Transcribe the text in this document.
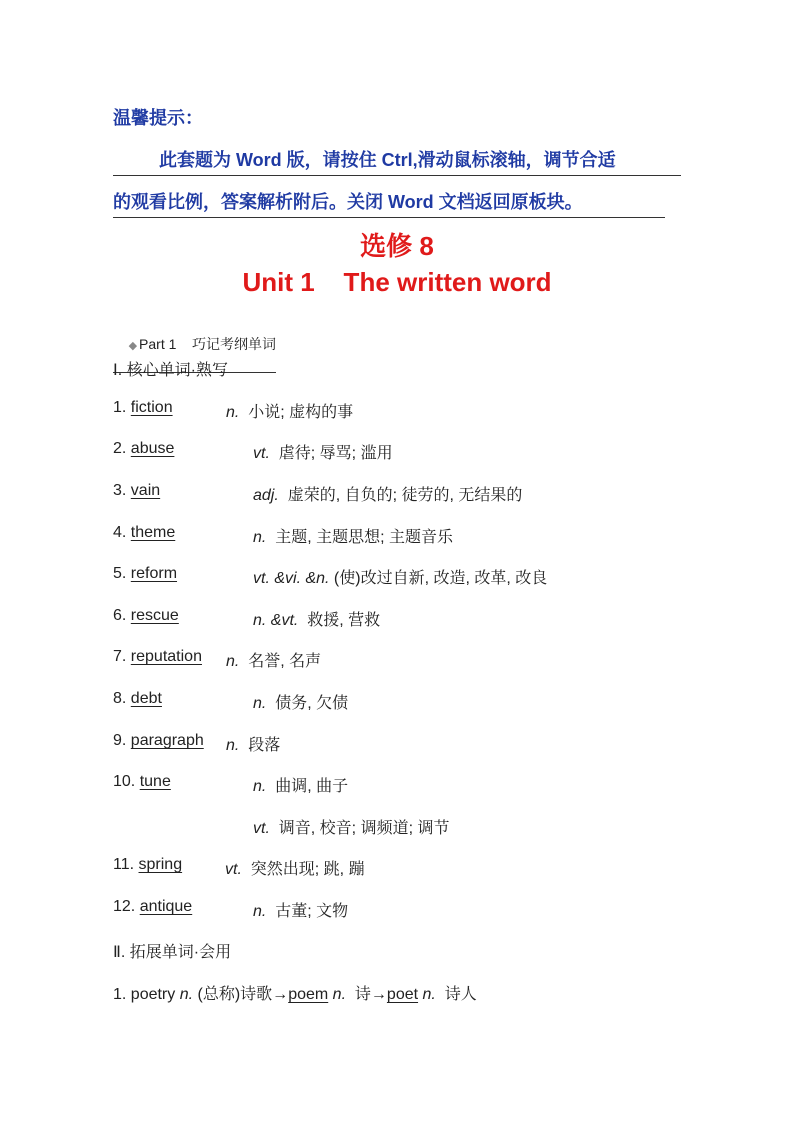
温馨提示：
此套题为 Word 版，请按住 Ctrl,滑动鼠标滚轴，调节合适
的观看比例，答案解析附后。关闭 Word 文档返回原板块。
选修 8
Unit 1    The written word

◆ Part 1    巧记考纲单词

Ⅰ. 核心单词·熟写
1. fiction	n. 小说; 虚构的事
2. abuse	vt. 虐待; 辱骂; 滥用
3. vain	adj. 虚荣的, 自负的; 徒劳的, 无结果的
4. theme	n. 主题, 主题思想; 主题音乐
5. reform	vt. &vi. &n. (使)改过自新, 改造, 改革, 改良
6. rescue	n. &vt. 救援, 营救
7. reputation n. 名誉, 名声
8. debt	n. 债务, 欠债
9. paragraph n. 段落
10. tune	n. 曲调, 曲子
vt. 调音, 校音; 调频道; 调节
11. spring	vt. 突然出现; 跳, 蹦
12. antique	n. 古董; 文物
Ⅱ. 拓展单词·会用
1. poetry n. (总称)诗歌→poem n. 诗→poet n. 诗人
